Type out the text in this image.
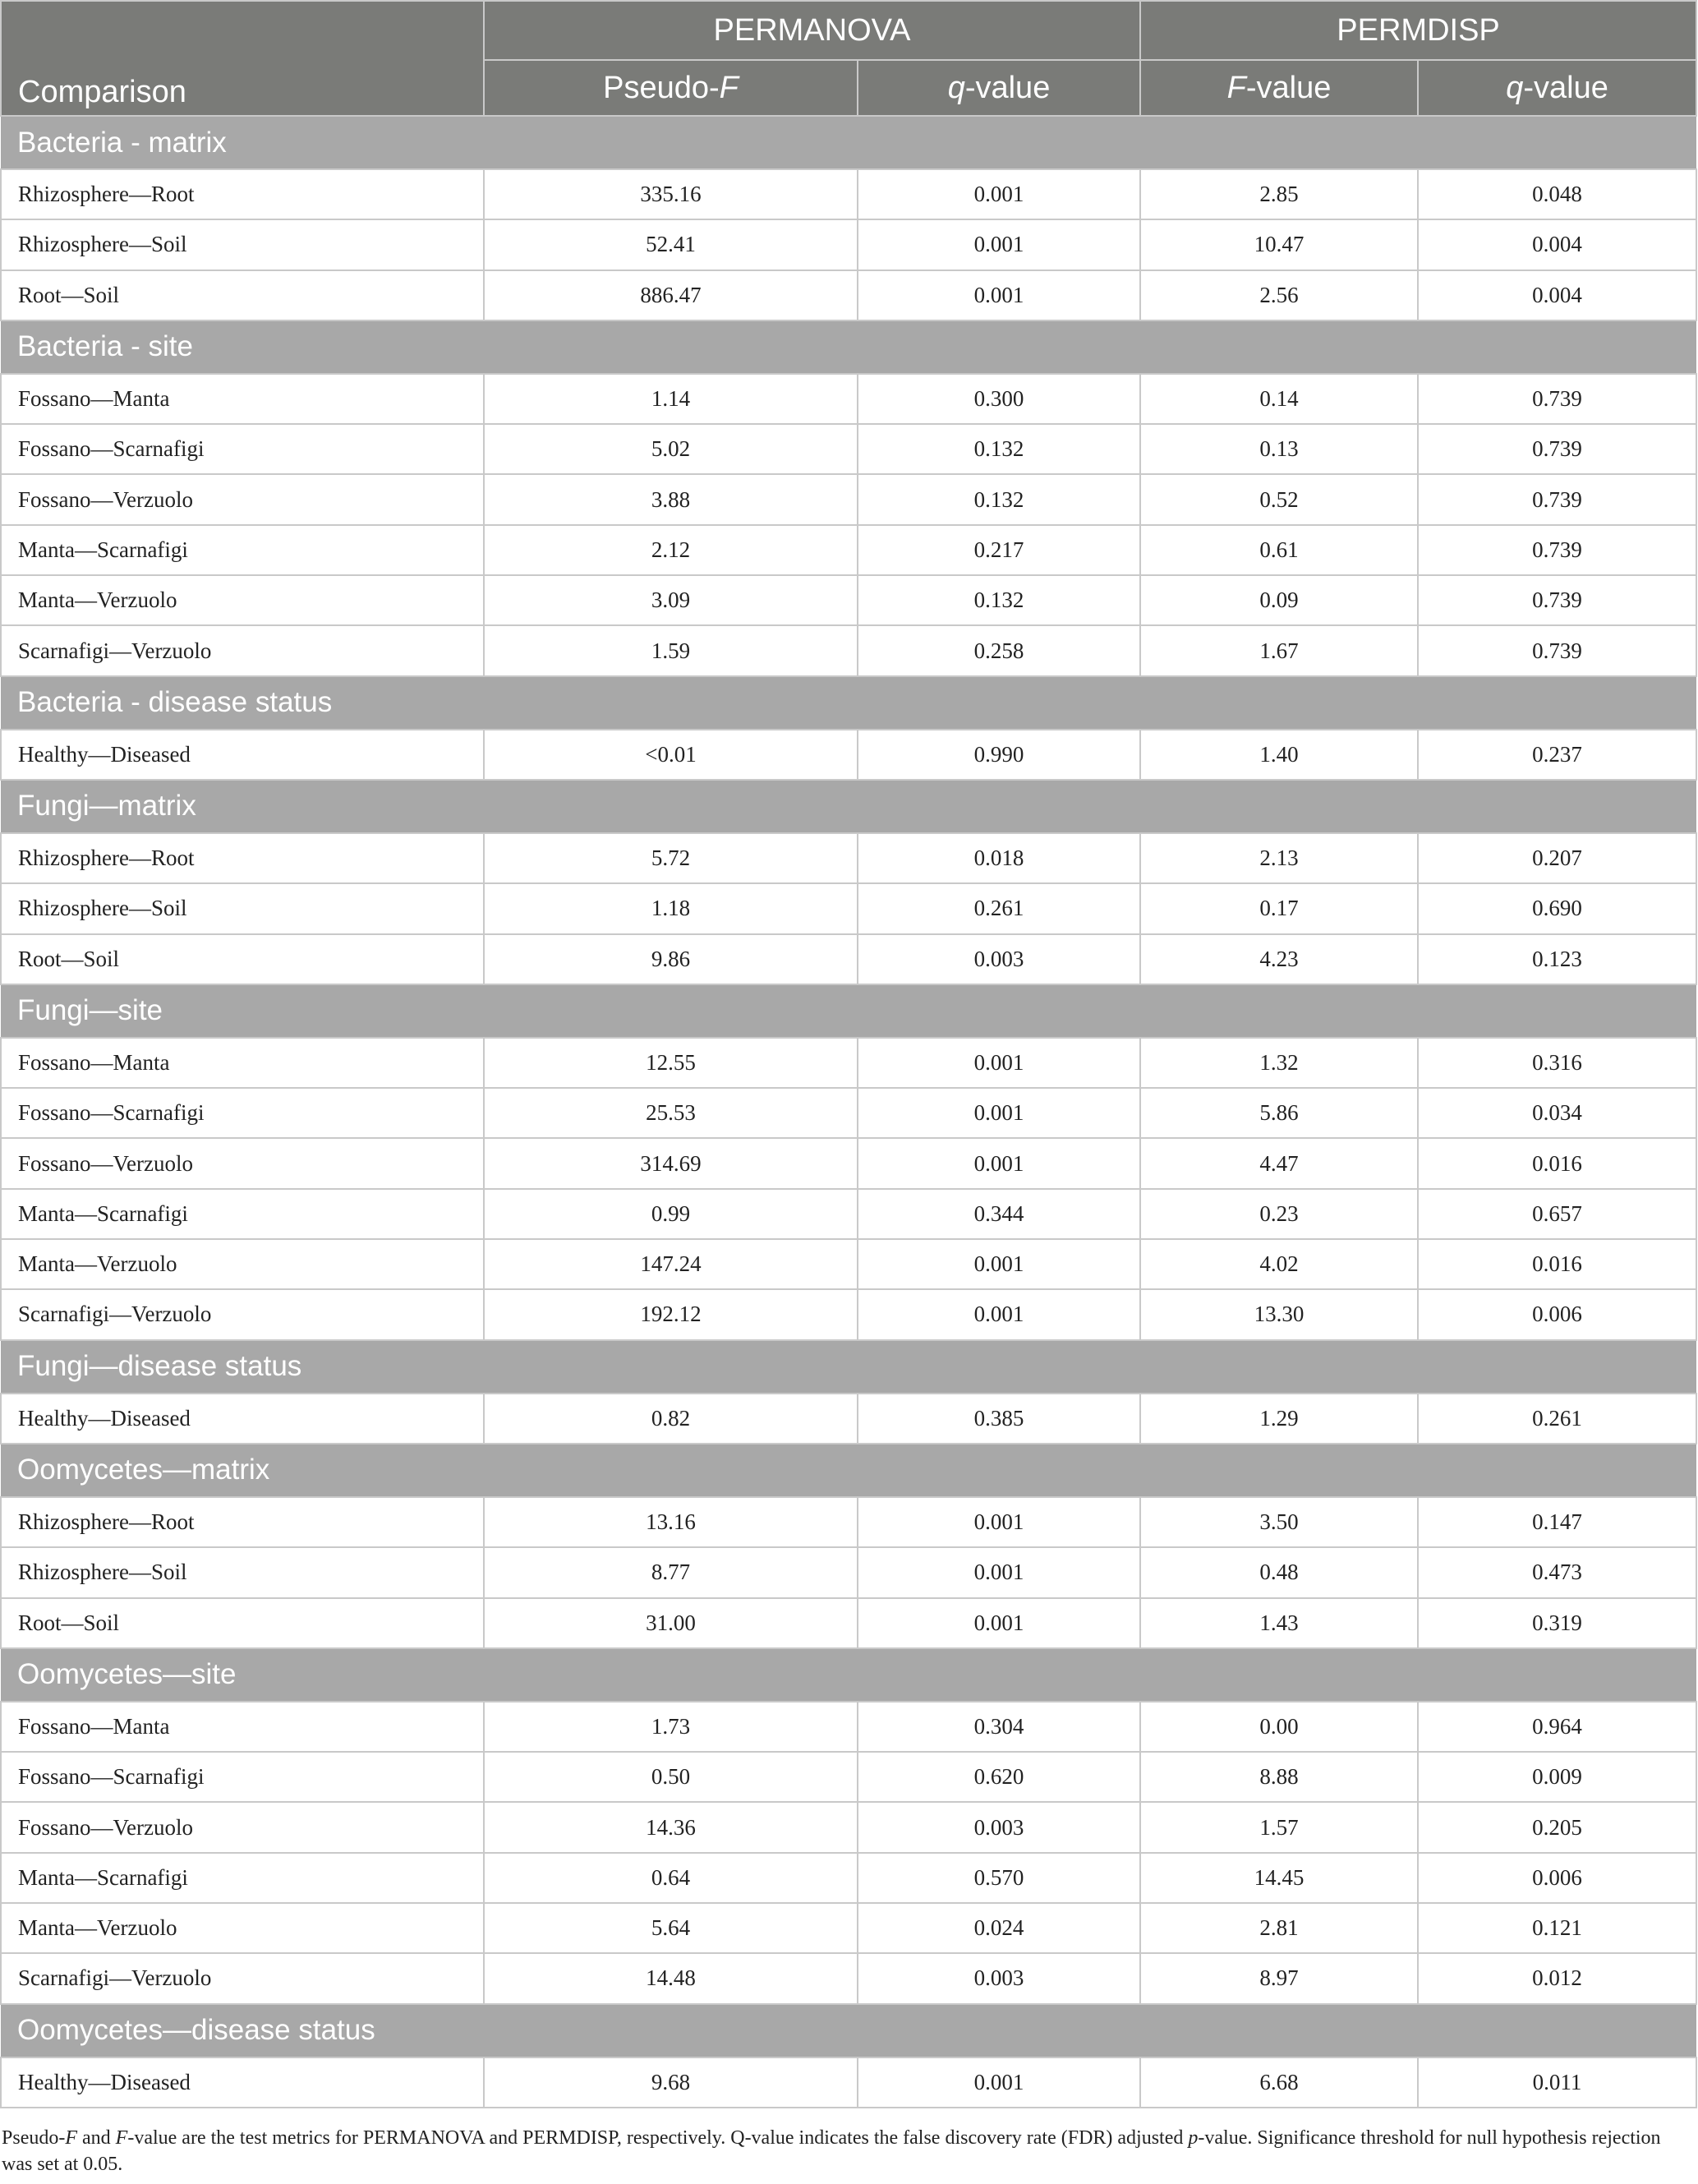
	PERMANOVA		PERMDISP	
Comparison	Pseudo-F	q-value	F-value	q-value
Bacteria - matrix				
Rhizosphere—Root	335.16	0.001	2.85	0.048
Rhizosphere—Soil	52.41	0.001	10.47	0.004
Root—Soil	886.47	0.001	2.56	0.004
Bacteria - site				
Fossano—Manta	1.14	0.300	0.14	0.739
Fossano—Scarnafigi	5.02	0.132	0.13	0.739
Fossano—Verzuolo	3.88	0.132	0.52	0.739
Manta—Scarnafigi	2.12	0.217	0.61	0.739
Manta—Verzuolo	3.09	0.132	0.09	0.739
Scarnafigi—Verzuolo	1.59	0.258	1.67	0.739
Bacteria - disease status				
Healthy—Diseased	<0.01	0.990	1.40	0.237
Fungi—matrix				
Rhizosphere—Root	5.72	0.018	2.13	0.207
Rhizosphere—Soil	1.18	0.261	0.17	0.690
Root—Soil	9.86	0.003	4.23	0.123
Fungi—site				
Fossano—Manta	12.55	0.001	1.32	0.316
Fossano—Scarnafigi	25.53	0.001	5.86	0.034
Fossano—Verzuolo	314.69	0.001	4.47	0.016
Manta—Scarnafigi	0.99	0.344	0.23	0.657
Manta—Verzuolo	147.24	0.001	4.02	0.016
Scarnafigi—Verzuolo	192.12	0.001	13.30	0.006
Fungi—disease status				
Healthy—Diseased	0.82	0.385	1.29	0.261
Oomycetes—matrix				
Rhizosphere—Root	13.16	0.001	3.50	0.147
Rhizosphere—Soil	8.77	0.001	0.48	0.473
Root—Soil	31.00	0.001	1.43	0.319
Oomycetes—site				
Fossano—Manta	1.73	0.304	0.00	0.964
Fossano—Scarnafigi	0.50	0.620	8.88	0.009
Fossano—Verzuolo	14.36	0.003	1.57	0.205
Manta—Scarnafigi	0.64	0.570	14.45	0.006
Manta—Verzuolo	5.64	0.024	2.81	0.121
Scarnafigi—Verzuolo	14.48	0.003	8.97	0.012
Oomycetes—disease status				
Healthy—Diseased	9.68	0.001	6.68	0.011
Pseudo-F and F-value are the test metrics for PERMANOVA and PERMDISP, respectively. Q-value indicates the false discovery rate (FDR) adjusted p-value. Significance threshold for null hypothesis rejection was set at 0.05.
